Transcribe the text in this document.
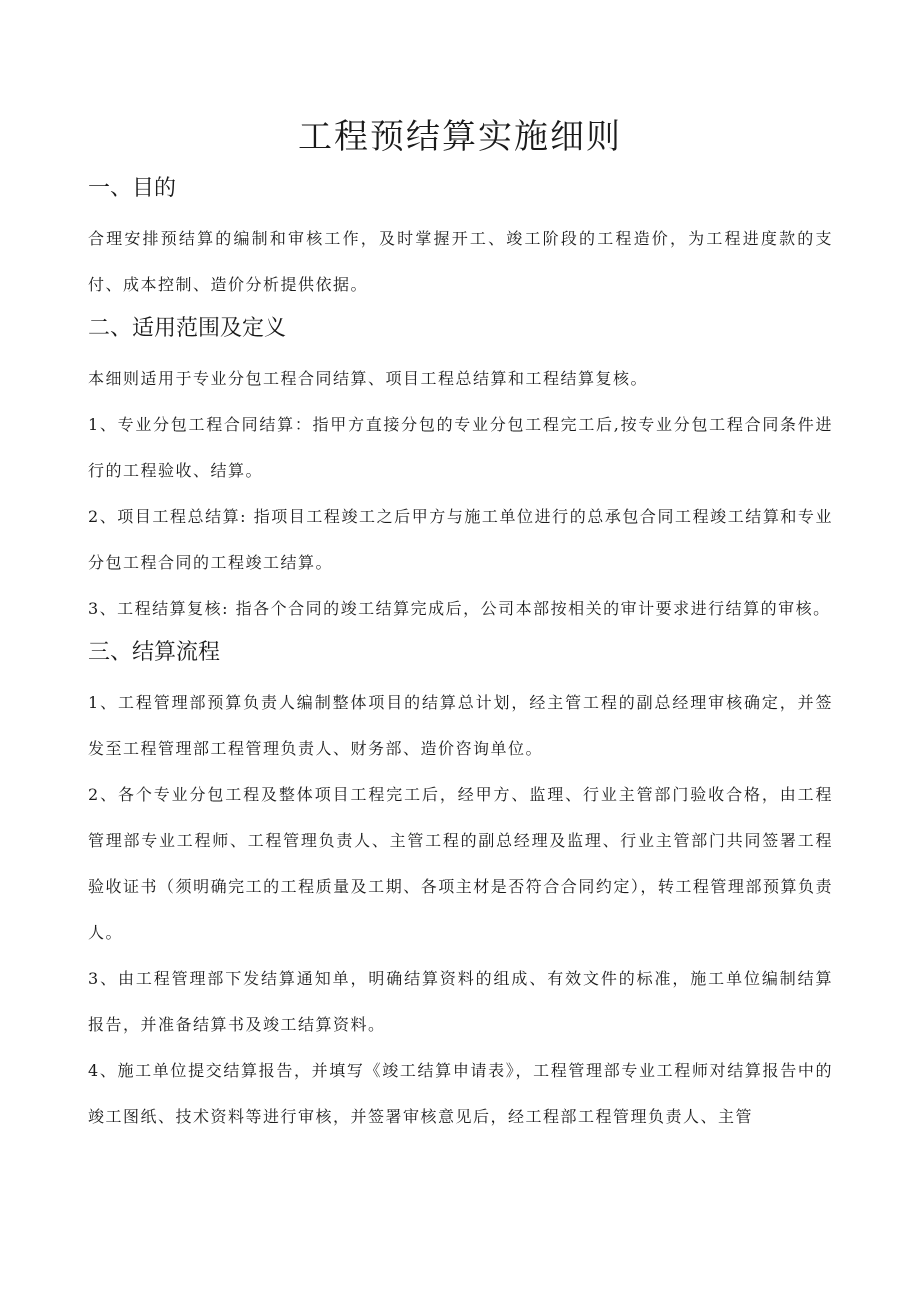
工程预结算实施细则
一、目的

合理安排预结算的编制和审核工作，及时掌握开工、竣工阶段的工程造价，为工程进度款的支付、成本控制、造价分析提供依据。

二、适用范围及定义

本细则适用于专业分包工程合同结算、项目工程总结算和工程结算复核。

1、专业分包工程合同结算：指甲方直接分包的专业分包工程完工后,按专业分包工程合同条件进行的工程验收、结算。

2、项目工程总结算: 指项目工程竣工之后甲方与施工单位进行的总承包合同工程竣工结算和专业分包工程合同的工程竣工结算。

3、工程结算复核: 指各个合同的竣工结算完成后，公司本部按相关的审计要求进行结算的审核。

三、结算流程

1、工程管理部预算负责人编制整体项目的结算总计划，经主管工程的副总经理审核确定，并签发至工程管理部工程管理负责人、财务部、造价咨询单位。

2、各个专业分包工程及整体项目工程完工后，经甲方、监理、行业主管部门验收合格，由工程管理部专业工程师、工程管理负责人、主管工程的副总经理及监理、行业主管部门共同签署工程验收证书（须明确完工的工程质量及工期、各项主材是否符合合同约定），转工程管理部预算负责人。

3、由工程管理部下发结算通知单，明确结算资料的组成、有效文件的标准，施工单位编制结算报告，并准备结算书及竣工结算资料。

4、施工单位提交结算报告，并填写《竣工结算申请表》，工程管理部专业工程师对结算报告中的竣工图纸、技术资料等进行审核，并签署审核意见后，经工程部工程管理负责人、主管
